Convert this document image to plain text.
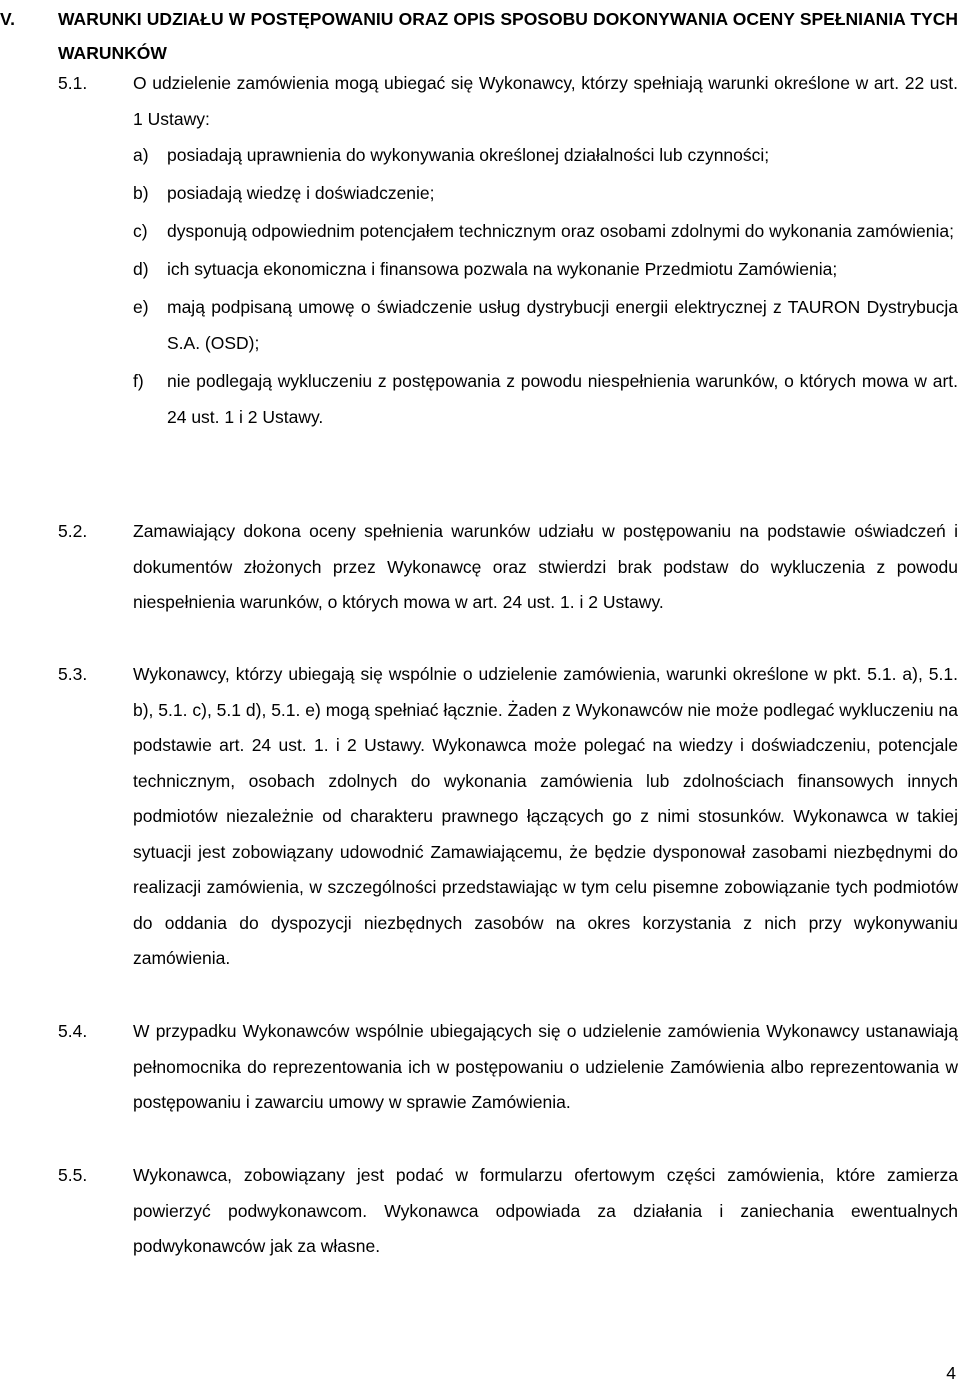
V. WARUNKI UDZIAŁU W POSTĘPOWANIU ORAZ OPIS SPOSOBU DOKONYWANIA OCENY SPEŁNIANIA TYCH WARUNKÓW
5.1.	O udzielenie zamówienia mogą ubiegać się Wykonawcy, którzy spełniają warunki określone w art. 22 ust. 1 Ustawy:
a) posiadają uprawnienia do wykonywania określonej działalności lub czynności;
b) posiadają wiedzę i doświadczenie;
c) dysponują odpowiednim potencjałem technicznym oraz osobami zdolnymi do wykonania zamówienia;
d) ich sytuacja ekonomiczna i finansowa pozwala na wykonanie Przedmiotu Zamówienia;
e) mają podpisaną umowę o świadczenie usług dystrybucji energii elektrycznej z TAURON Dystrybucja S.A. (OSD);
f) nie podlegają wykluczeniu z postępowania z powodu niespełnienia warunków, o których mowa w art. 24 ust. 1 i 2 Ustawy.
5.2.	Zamawiający dokona oceny spełnienia warunków udziału w postępowaniu na podstawie oświadczeń i dokumentów złożonych przez Wykonawcę oraz stwierdzi brak podstaw do wykluczenia z powodu niespełnienia warunków, o których mowa w art. 24 ust. 1. i 2 Ustawy.
5.3.	Wykonawcy, którzy ubiegają się wspólnie o udzielenie zamówienia, warunki określone w pkt. 5.1. a), 5.1. b), 5.1. c), 5.1 d), 5.1. e) mogą spełniać łącznie. Żaden z Wykonawców nie może podlegać wykluczeniu na podstawie art. 24 ust. 1. i 2 Ustawy. Wykonawca może polegać na wiedzy i doświadczeniu, potencjale technicznym, osobach zdolnych do wykonania zamówienia lub zdolnościach finansowych innych podmiotów niezależnie od charakteru prawnego łączących go z nimi stosunków. Wykonawca w takiej sytuacji jest zobowiązany udowodnić Zamawiającemu, że będzie dysponował zasobami niezbędnymi do realizacji zamówienia, w szczególności przedstawiając w tym celu pisemne zobowiązanie tych podmiotów do oddania do dyspozycji niezbędnych zasobów na okres korzystania z nich przy wykonywaniu zamówienia.
5.4.	W przypadku Wykonawców wspólnie ubiegających się o udzielenie zamówienia Wykonawcy ustanawiają pełnomocnika do reprezentowania ich w postępowaniu o udzielenie Zamówienia albo reprezentowania w postępowaniu i zawarciu umowy w sprawie Zamówienia.
5.5.	Wykonawca, zobowiązany jest podać w formularzu ofertowym części zamówienia, które zamierza powierzyć podwykonawcom. Wykonawca odpowiada za działania i zaniechania ewentualnych podwykonawców jak za własne.
4
